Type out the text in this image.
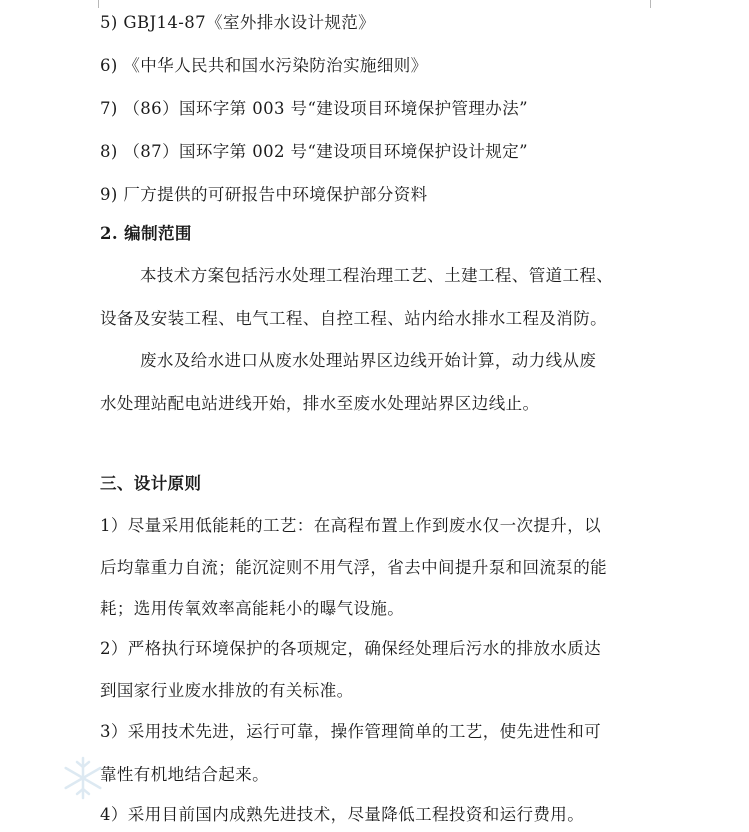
5) GBJ14-87《室外排水设计规范》
6) 《中华人民共和国水污染防治实施细则》
7) （86）国环字第 003 号“建设项目环境保护管理办法”
8) （87）国环字第 002 号“建设项目环境保护设计规定”
9) 厂方提供的可研报告中环境保护部分资料
2. 编制范围
本技术方案包括污水处理工程治理工艺、土建工程、管道工程、
设备及安装工程、电气工程、自控工程、站内给水排水工程及消防。
废水及给水进口从废水处理站界区边线开始计算，动力线从废
水处理站配电站进线开始，排水至废水处理站界区边线止。
三、设计原则
1）尽量采用低能耗的工艺：在高程布置上作到废水仅一次提升，以
后均靠重力自流；能沉淀则不用气浮，省去中间提升泵和回流泵的能
耗；选用传氧效率高能耗小的曝气设施。
2）严格执行环境保护的各项规定，确保经处理后污水的排放水质达
到国家行业废水排放的有关标准。
3）采用技术先进，运行可靠，操作管理简单的工艺，使先进性和可
靠性有机地结合起来。
4）采用目前国内成熟先进技术，尽量降低工程投资和运行费用。
